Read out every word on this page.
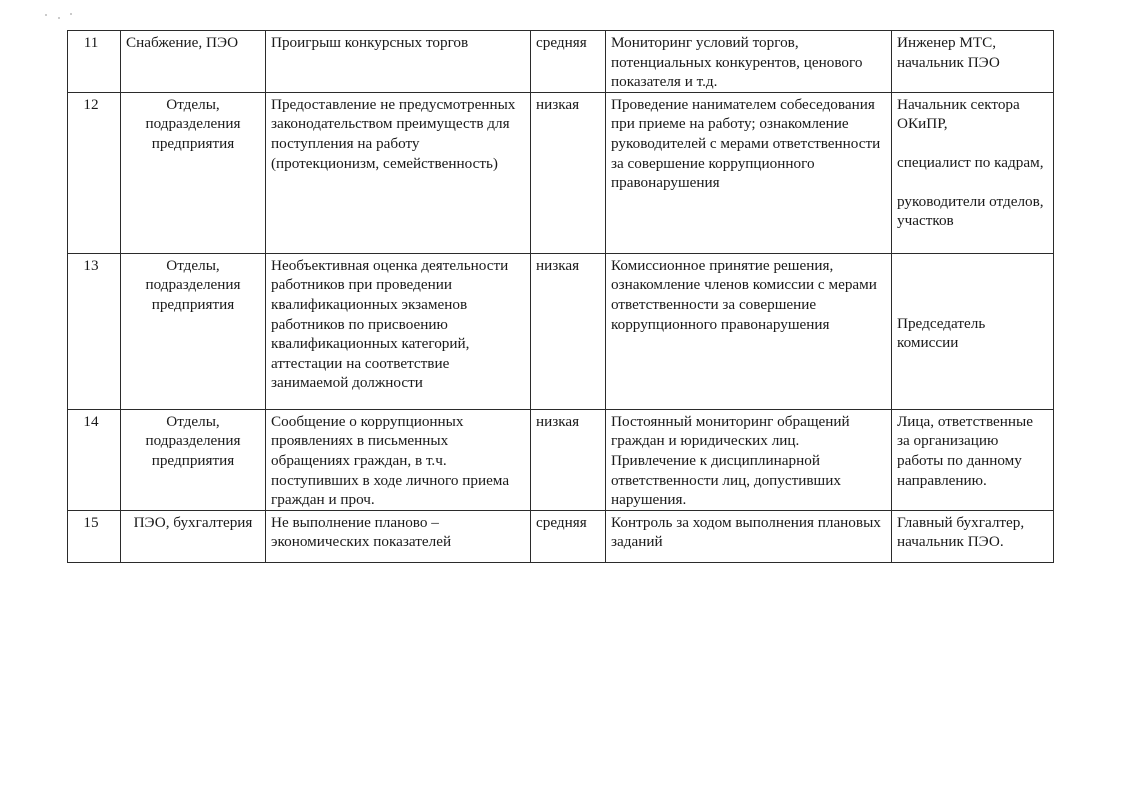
11	Снабжение, ПЭО	Проигрыш конкурсных торгов	средняя	Мониторинг условий торгов, потенциальных конкурентов, ценового показателя и т.д.	Инженер МТС, начальник ПЭО

12	Отделы, подразделения предприятия	Предоставление не предусмотренных законодательством преимуществ для поступления на работу (протекционизм, семейственность)	низкая	Проведение нанимателем собеседования при приеме на работу; ознакомление руководителей с мерами ответственности за совершение коррупционного правонарушения	Начальник сектора ОКиПР,
специалист по кадрам,
руководители отделов, участков

13	Отделы, подразделения предприятия	Необъективная оценка деятельности работников при проведении квалификационных экзаменов работников по присвоению квалификационных категорий, аттестации на соответствие занимаемой должности	низкая	Комиссионное принятие решения, ознакомление членов комиссии с мерами ответственности за совершение коррупционного правонарушения	Председатель комиссии

14	Отделы, подразделения предприятия	Сообщение о коррупционных проявлениях в письменных обращениях граждан, в т.ч. поступивших в ходе личного приема граждан и проч.	низкая	Постоянный мониторинг обращений граждан и юридических лиц. Привлечение к дисциплинарной ответственности лиц, допустивших нарушения.	Лица, ответственные за организацию работы по данному направлению.

15	ПЭО, бухгалтерия	Не выполнение планово – экономических показателей	средняя	Контроль за ходом выполнения плановых заданий	Главный бухгалтер, начальник ПЭО.
